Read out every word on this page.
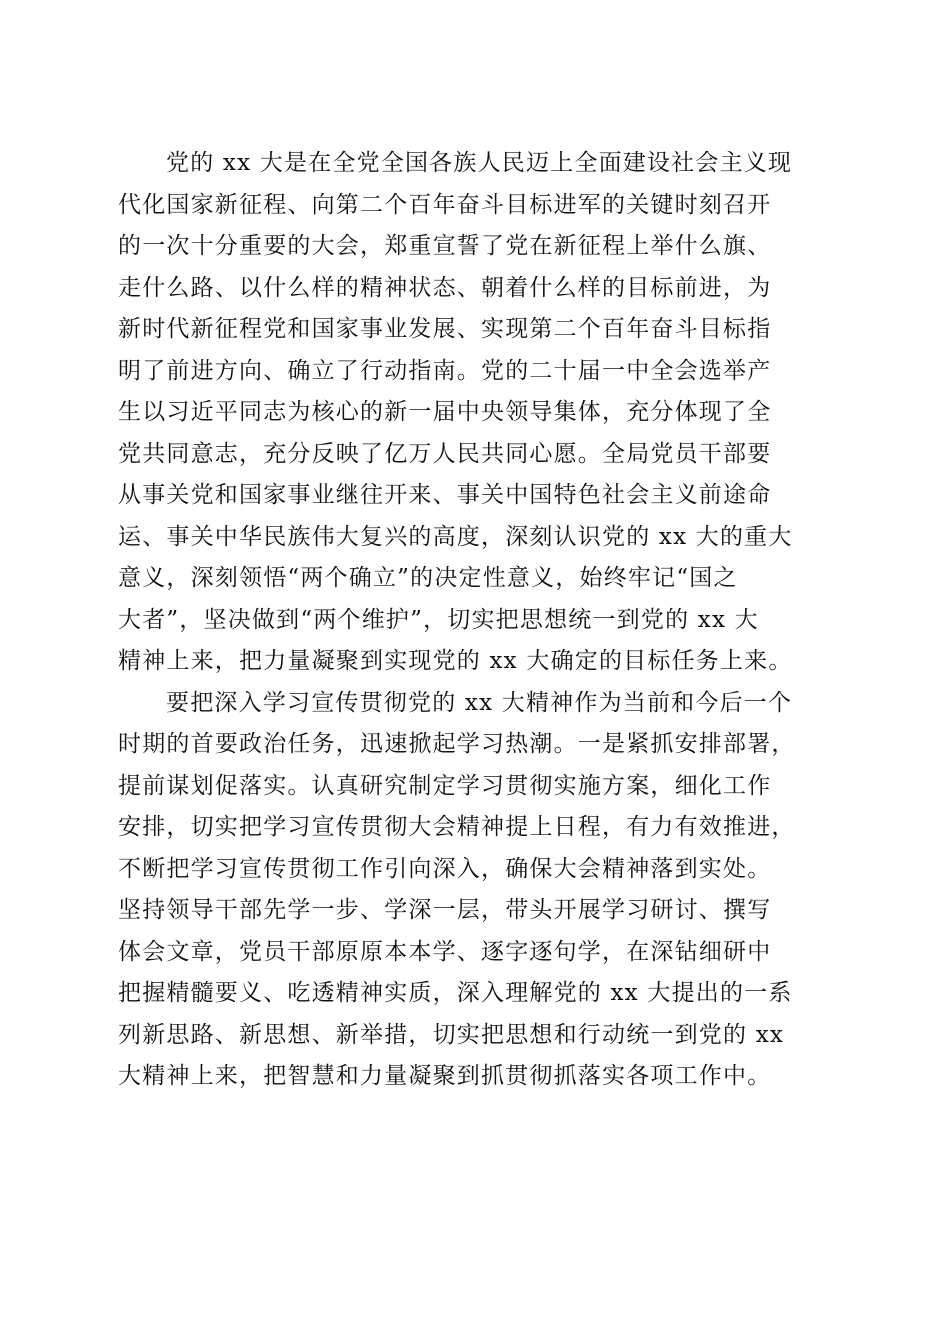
党的 xx 大是在全党全国各族人民迈上全面建设社会主义现
代化国家新征程、向第二个百年奋斗目标进军的关键时刻召开
的一次十分重要的大会，郑重宣誓了党在新征程上举什么旗、
走什么路、以什么样的精神状态、朝着什么样的目标前进，为
新时代新征程党和国家事业发展、实现第二个百年奋斗目标指
明了前进方向、确立了行动指南。党的二十届一中全会选举产
生以习近平同志为核心的新一届中央领导集体，充分体现了全
党共同意志，充分反映了亿万人民共同心愿。全局党员干部要
从事关党和国家事业继往开来、事关中国特色社会主义前途命
运、事关中华民族伟大复兴的高度，深刻认识党的 xx 大的重大
意义，深刻领悟“两个确立”的决定性意义，始终牢记“国之
大者”，坚决做到“两个维护”，切实把思想统一到党的 xx 大
精神上来，把力量凝聚到实现党的 xx 大确定的目标任务上来。
要把深入学习宣传贯彻党的 xx 大精神作为当前和今后一个
时期的首要政治任务，迅速掀起学习热潮。一是紧抓安排部署，
提前谋划促落实。认真研究制定学习贯彻实施方案，细化工作
安排，切实把学习宣传贯彻大会精神提上日程，有力有效推进，
不断把学习宣传贯彻工作引向深入，确保大会精神落到实处。
坚持领导干部先学一步、学深一层，带头开展学习研讨、撰写
体会文章，党员干部原原本本学、逐字逐句学，在深钻细研中
把握精髓要义、吃透精神实质，深入理解党的 xx 大提出的一系
列新思路、新思想、新举措，切实把思想和行动统一到党的 xx
大精神上来，把智慧和力量凝聚到抓贯彻抓落实各项工作中。
